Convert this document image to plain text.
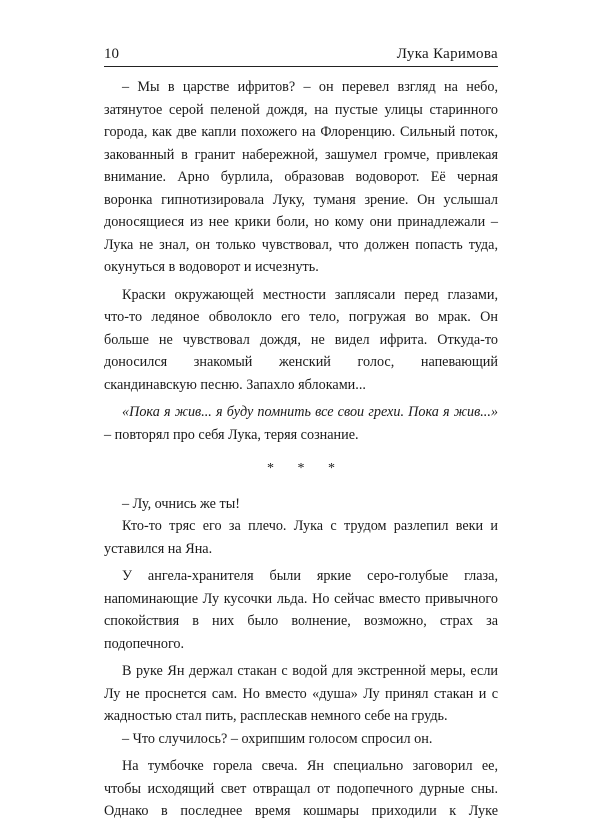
10	Лука Каримова

– Мы в царстве ифритов? – он перевел взгляд на небо, затянутое серой пеленой дождя, на пустые улицы старинного города, как две капли похожего на Флоренцию. Сильный поток, закованный в гранит набережной, зашумел громче, привлекая внимание. Арно бурлила, образовав водоворот. Её черная воронка гипнотизировала Луку, туманя зрение. Он услышал доносящиеся из нее крики боли, но кому они принадлежали – Лука не знал, он только чувствовал, что должен попасть туда, окунуться в водоворот и исчезнуть.

Краски окружающей местности заплясали перед глазами, что-то ледяное обволокло его тело, погружая во мрак. Он больше не чувствовал дождя, не видел ифрита. Откуда-то доносился знакомый женский голос, напевающий скандинавскую песню. Запахло яблоками...

«Пока я жив... я буду помнить все свои грехи. Пока я жив...» – повторял про себя Лука, теряя сознание.

* * *

– Лу, очнись же ты!

Кто-то тряс его за плечо. Лука с трудом разлепил веки и уставился на Яна.

У ангела-хранителя были яркие серо-голубые глаза, напоминающие Лу кусочки льда. Но сейчас вместо привычного спокойствия в них было волнение, возможно, страх за подопечного.

В руке Ян держал стакан с водой для экстренной меры, если Лу не проснется сам. Но вместо «душа» Лу принял стакан и с жадностью стал пить, расплескав немного себе на грудь.

– Что случилось? – охрипшим голосом спросил он.

На тумбочке горела свеча. Ян специально заговорил ее, чтобы исходящий свет отвращал от подопечного дурные сны. Однако в последнее время кошмары приходили к Луке
